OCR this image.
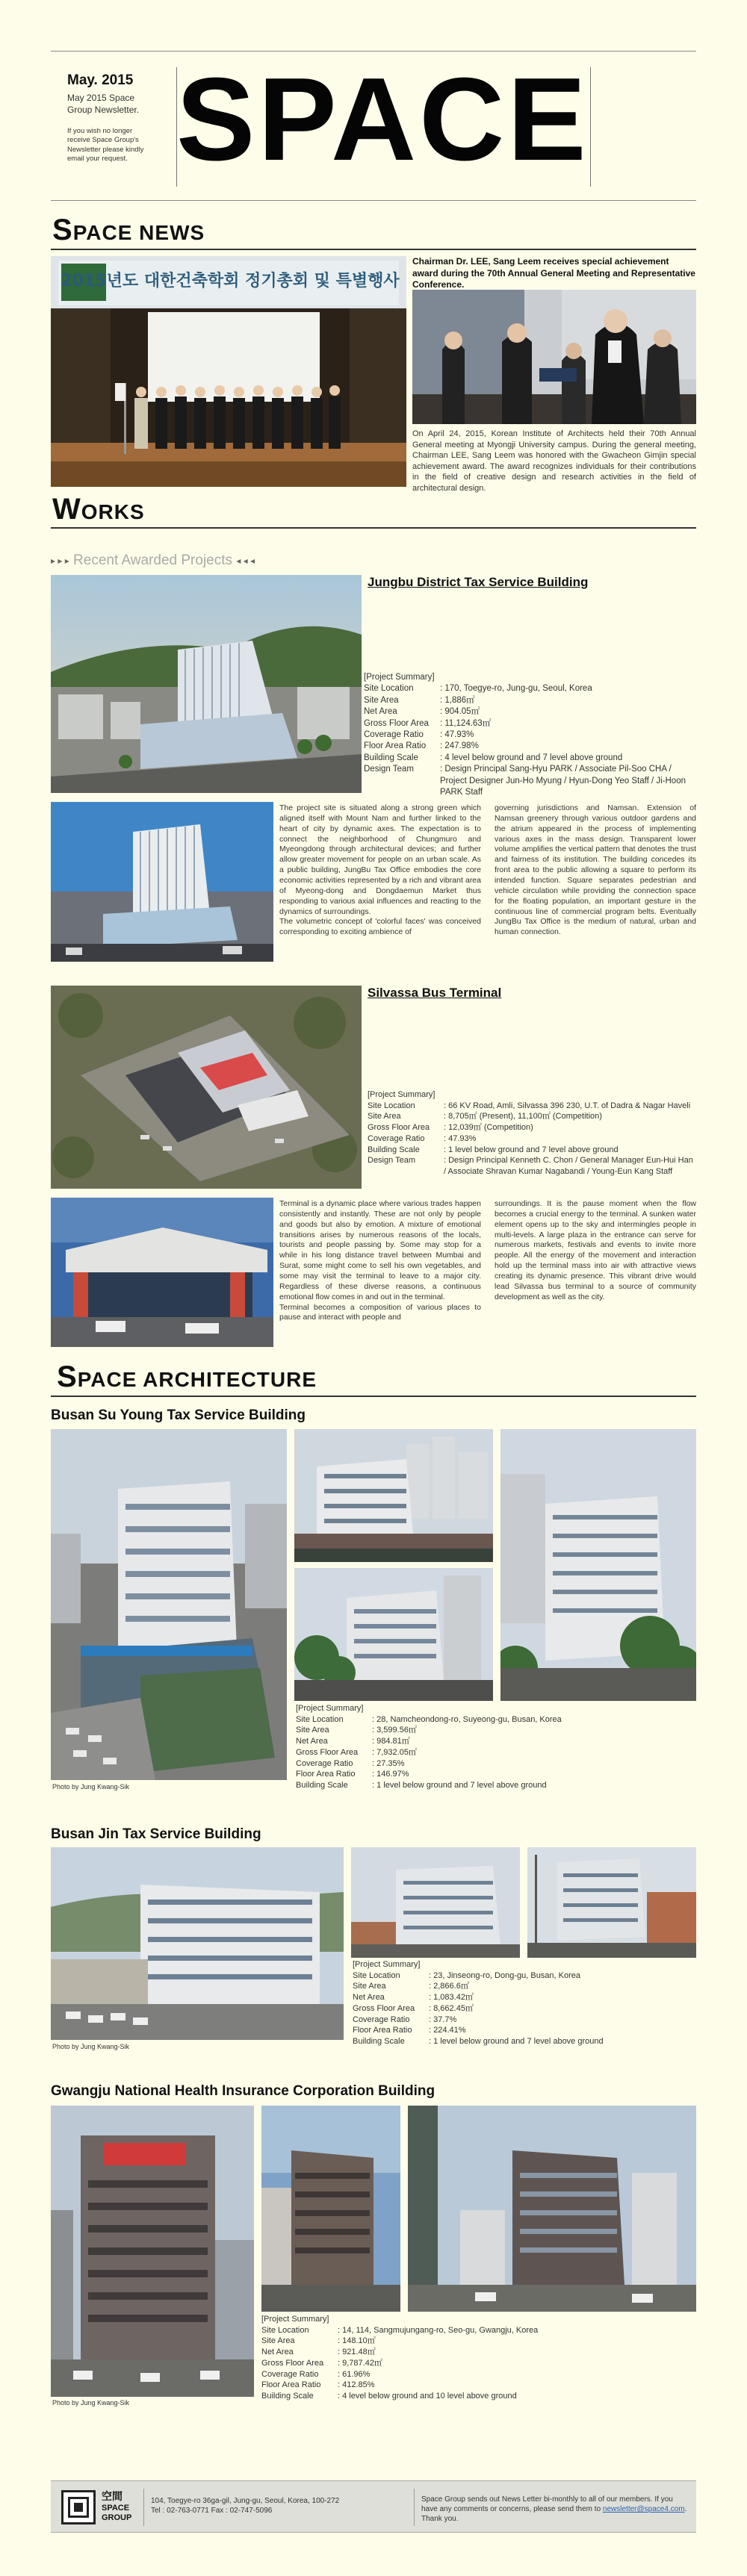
May. 2015
May 2015 Space
Group Newsletter.
If you wish no longer receive Space Group's Newsletter please kindly email your request. SPACE
SPACE NEWS
2015년도 대한건축학회 정기총회 및 특별행사
Chairman Dr. LEE, Sang Leem receives special achievement award during the 70th Annual General Meeting and Representative Conference.
On April 24, 2015, Korean Institute of Architects held their 70th Annual General meeting at Myongji University campus. During the general meeting, Chairman LEE, Sang Leem was honored with the Gwacheon Gimjin special achievement award. The award recognizes individuals for their contributions in the field of creative design and research activities in the field of architectural design.
WORKS
▸ ▸ ▸ Recent Awarded Projects ◂ ◂ ◂
Jungbu District Tax Service Building
[Project Summary]
Site Location	: 170, Toegye-ro, Jung-gu, Seoul, Korea
Site Area	: 1,886㎡
Net Area	: 904.05㎡
Gross Floor Area	: 11,124.63㎡
Coverage Ratio	: 47.93%
Floor Area Ratio	: 247.98%
Building Scale	: 4 level below ground and 7 level above ground
Design Team	: Design Principal Sang-Hyu PARK / Associate Pil-Soo CHA / Project Designer Jun-Ho Myung / Hyun-Dong Yeo Staff / Ji-Hoon PARK Staff
The project site is situated along a strong green which aligned itself with Mount Nam and further linked to the heart of city by dynamic axes. The expectation is to connect the neighborhood of Chungmuro and Myeongdong through architectural devices; and further allow greater movement for people on an urban scale. As a public building, JungBu Tax Office embodies the core economic activities represented by a rich and vibrant area of Myeong-dong and Dongdaemun Market thus responding to various axial influences and reacting to the dynamics of surroundings.
The volumetric concept of 'colorful faces' was conceived corresponding to exciting ambience of
governing jurisdictions and Namsan. Extension of Namsan greenery through various outdoor gardens and the atrium appeared in the process of implementing various axes in the mass design. Transparent lower volume amplifies the vertical pattern that denotes the trust and fairness of its institution. The building concedes its front area to the public allowing a square to perform its intended function. Square separates pedestrian and vehicle circulation while providing the connection space for the floating population, an important gesture in the continuous line of commercial program belts. Eventually JungBu Tax Office is the medium of natural, urban and human connection.
Silvassa Bus Terminal
[Project Summary]
Site Location	: 66 KV Road, Amli, Silvassa 396 230, U.T. of Dadra & Nagar Haveli
Site Area	: 8,705㎡ (Present), 11,100㎡ (Competition)
Gross Floor Area	: 12,039㎡ (Competition)
Coverage Ratio	: 47.93%
Building Scale	: 1 level below ground and 7 level above ground
Design Team	: Design Principal Kenneth C. Chon / General Manager Eun-Hui Han / Associate Shravan Kumar Nagabandi / Young-Eun Kang Staff
Terminal is a dynamic place where various trades happen consistently and instantly. These are not only by people and goods but also by emotion. A mixture of emotional transitions arises by numerous reasons of the locals, tourists and people passing by. Some may stop for a while in his long distance travel between Mumbai and Surat, some might come to sell his own vegetables, and some may visit the terminal to leave to a major city. Regardless of these diverse reasons, a continuous emotional flow comes in and out in the terminal.
Terminal becomes a composition of various places to pause and interact with people and
surroundings. It is the pause moment when the flow becomes a crucial energy to the terminal. A sunken water element opens up to the sky and intermingles people in multi-levels. A large plaza in the entrance can serve for numerous markets, festivals and events to invite more people. All the energy of the movement and interaction hold up the terminal mass into air with attractive views creating its dynamic presence. This vibrant drive would lead Silvassa bus terminal to a source of community development as well as the city.
SPACE ARCHITECTURE
Busan Su Young Tax Service Building
Photo by Jung Kwang-Sik
[Project Summary]
Site Location	: 28, Namcheondong-ro, Suyeong-gu, Busan, Korea
Site Area	: 3,599.56㎡
Net Area	: 984.81㎡
Gross Floor Area	: 7,932.05㎡
Coverage Ratio	: 27.35%
Floor Area Ratio	: 146.97%
Building Scale	: 1 level below ground and 7 level above ground
Busan Jin Tax Service Building
Photo by Jung Kwang-Sik
[Project Summary]
Site Location	: 23, Jinseong-ro, Dong-gu, Busan, Korea
Site Area	: 2,866.6㎡
Net Area	: 1,083.42㎡
Gross Floor Area	: 8,662.45㎡
Coverage Ratio	: 37.7%
Floor Area Ratio	: 224.41%
Building Scale	: 1 level below ground and 7 level above ground
Gwangju National Health Insurance Corporation Building
Photo by Jung Kwang-Sik
[Project Summary]
Site Location	: 14, 114, Sangmujungang-ro, Seo-gu, Gwangju, Korea
Site Area	: 148.10㎡
Net Area	: 921.48㎡
Gross Floor Area	: 9,787.42㎡
Coverage Ratio	: 61.96%
Floor Area Ratio	: 412.85%
Building Scale	: 4 level below ground and 10 level above ground
空間
SPACE
GROUP
104, Toegye-ro 36ga-gil, Jung-gu, Seoul, Korea, 100-272
Tel : 02-763-0771 Fax : 02-747-5096
Space Group sends out News Letter bi-monthly to all of our members. If you have any comments or concerns, please send them to newsletter@space4.com. Thank you.
